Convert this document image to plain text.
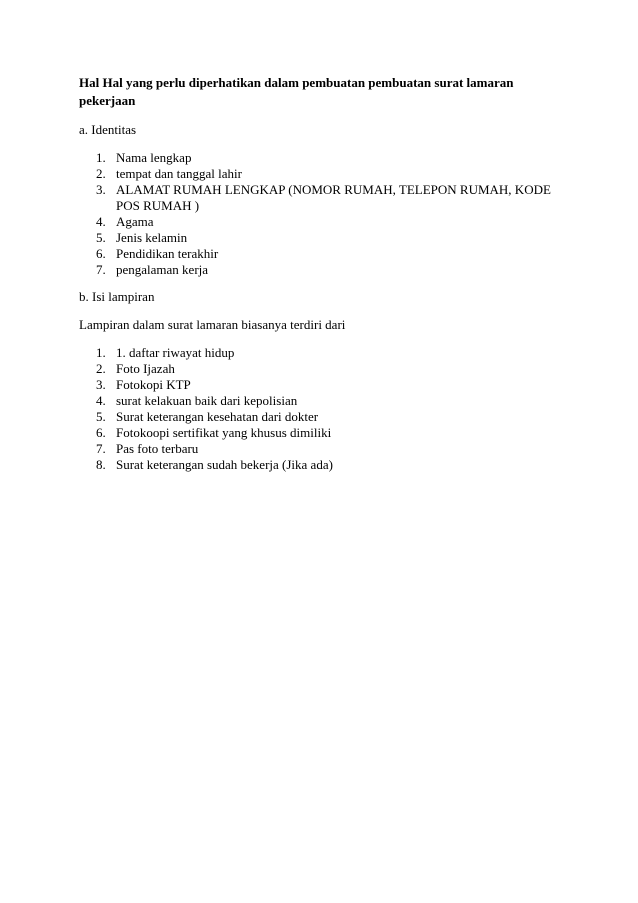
Hal Hal yang perlu diperhatikan dalam pembuatan pembuatan surat lamaran pekerjaan

a. Identitas

1. Nama lengkap
2. tempat dan tanggal lahir
3. ALAMAT RUMAH LENGKAP (NOMOR RUMAH, TELEPON RUMAH, KODE POS RUMAH )
4. Agama
5. Jenis kelamin
6. Pendidikan terakhir
7. pengalaman kerja

b. Isi lampiran

Lampiran dalam surat lamaran biasanya terdiri dari

1. 1. daftar riwayat hidup
2. Foto Ijazah
3. Fotokopi KTP
4. surat kelakuan baik dari kepolisian
5. Surat keterangan kesehatan dari dokter
6. Fotokoopi sertifikat yang khusus dimiliki
7. Pas foto terbaru
8. Surat keterangan sudah bekerja (Jika ada)
